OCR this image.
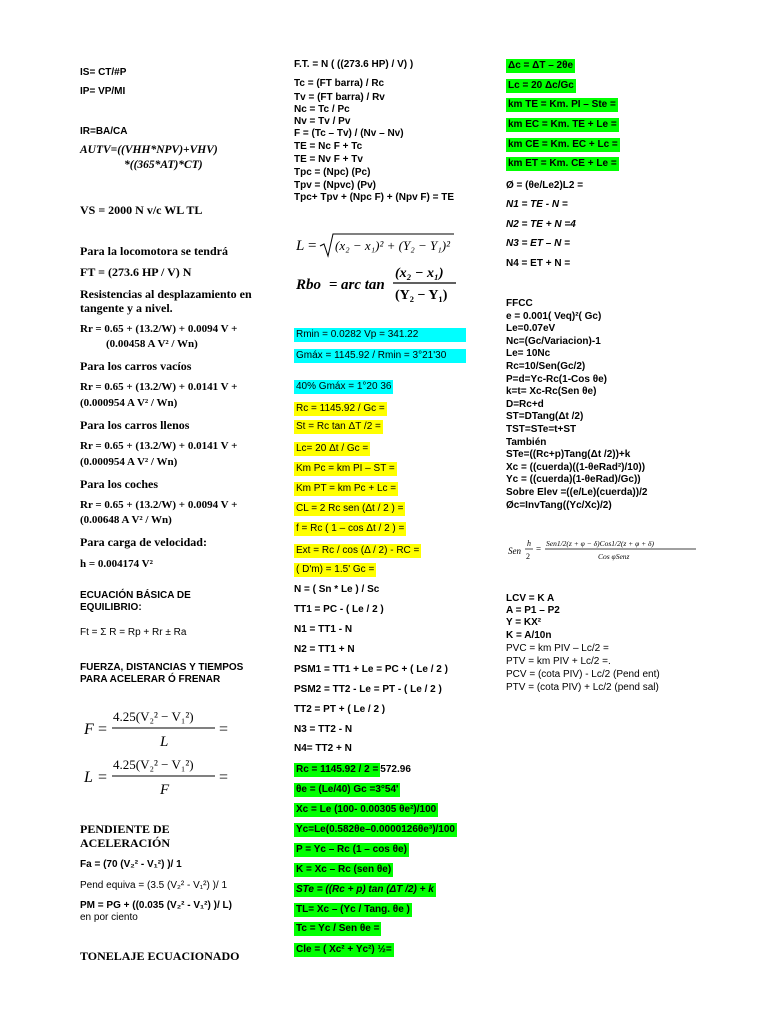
IS= CT/#P
IP= VP/MI
IR=BA/CA
AUTV=((VHH*NPV)+VHV)
*((365*AT)*CT)
VS = 2000 N v/c WL TL
Para la locomotora se tendrá
FT = (273.6 HP / V) N
Resistencias al desplazamiento en tangente y a nivel.
Rr = 0.65 + (13.2/W) + 0.0094 V +
(0.00458 A V² / Wn)
Para los carros vacíos
Rr = 0.65 + (13.2/W) + 0.0141 V +
(0.000954 A V² / Wn)
Para los carros llenos
Rr = 0.65 + (13.2/W) + 0.0141 V +
(0.000954 A V² / Wn)
Para los coches
Rr = 0.65 + (13.2/W) + 0.0094 V +
(0.00648 A V² / Wn)
Para carga de velocidad:
h = 0.004174 V²
ECUACIÓN BÁSICA DE EQUILIBRIO:
Ft = Σ R = Rp + Rr ± Ra
FUERZA, DISTANCIAS Y TIEMPOS PARA ACELERAR Ó FRENAR
PENDIENTE DE ACELERACIÓN
Fa = (70 (V₂² - V₁²) )/ 1
Pend equiva = (3.5 (V₂² - V₁²) )/ 1
PM = PG + ((0.035 (V₂² - V₁²) )/ L)
en por ciento
TONELAJE ECUACIONADO
F.T. = N ( ((273.6 HP) / V) )
Tc = (FT barra) / Rc
Tv = (FT barra) / Rv
Nc = Tc / Pc
Nv = Tv / Pv
F = (Tc – Tv) / (Nv – Nv)
TE = Nc F + Tc
TE = Nv F + Tv
Tpc = (Npc) (Pc)
Tpv = (Npvc) (Pv)
Tpc+ Tpv + (Npc F) + (Npv F) = TE
Rmin = 0.0282 Vp = 341.22
Gmáx = 1145.92 / Rmin = 3°21'30
40% Gmáx = 1°20 36
Rc = 1145.92 / Gc =
St = Rc tan ΔT /2 =
Lc= 20 Δt / Gc =
Km Pc = km PI – ST =
Km PT = km Pc + Lc =
CL = 2 Rc sen (Δt / 2 ) =
f = Rc ( 1 – cos Δt / 2 ) =
Ext = Rc / cos (Δ / 2) - RC =
( D'm) = 1.5' Gc =
N = ( Sn * Le ) / Sc
TT1 = PC - ( Le / 2 )
N1 = TT1 - N
N2 = TT1 + N
PSM1 = TT1 + Le = PC + ( Le / 2 )
PSM2 = TT2 - Le = PT - ( Le / 2 )
TT2 = PT + ( Le / 2 )
N3 = TT2 - N
N4= TT2 + N
Rc = 1145.92 / 2 = 572.96
θe = (Le/40) Gc =3°54'
Xc = Le (100- 0.00305 θe²)/100
Yc=Le(0.582θe–0.0000126θe³)/100
P = Yc – Rc (1 – cos θe)
K = Xc – Rc (sen θe)
STe = ((Rc + p) tan (ΔT /2) + k
TL= Xc – (Yc / Tang. θe )
Tc = Yc / Sen θe =
Cle = ( Xc² + Yc²) ½=
Δc = ΔT – 2θe
Lc = 20 Δc/Gc
km TE = Km. PI – Ste =
km EC = Km. TE + Le =
km CE = Km. EC + Lc =
km ET = Km. CE + Le =
Ø = (θe/Le2)L2 =
N1 = TE - N =
N2 = TE + N =4
N3 = ET – N =
N4 = ET + N =
FFCC
e = 0.001( Veq)²( Gc)
Le=0.07eV
Nc=(Gc/Variacion)-1
Le= 10Nc
Rc=10/Sen(Gc/2)
P=d=Yc-Rc(1-Cos θe)
k=t= Xc-Rc(Sen θe)
D=Rc+d
ST=DTang(Δt /2)
TST=STe=t+ST
También
STe=((Rc+p)Tang(Δt /2))+k
Xc = ((cuerda)((1-θeRad²)/10))
Yc = ((cuerda)(1-θeRad)/Gc))
Sobre Elev =((e/Le)(cuerda))/2
Øc=InvTang((Yc/Xc)/2)
LCV = K A
A = P1 – P2
Y = KX²
K = A/10n
PVC = km PIV – Lc/2 =
PTV = km PIV + Lc/2 =.
PCV = (cota PIV) - Lc/2 (Pend ent)
PTV = (cota PIV) + Lc/2 (pend sal)
L = (x₂ − x₁)² + (Y₂ − Y₁)²
Rbo = arc tan
(x₂ − x₁)
(Y₂ − Y₁)
F =
4.25(V₂² − V₁²)
L
=
L =
4.25(V₂² − V₁²)
F
=
Sen
h
2
=
Sen1/2(z + φ − δ)Cos1/2(z + φ + δ)
Cos φSenz
